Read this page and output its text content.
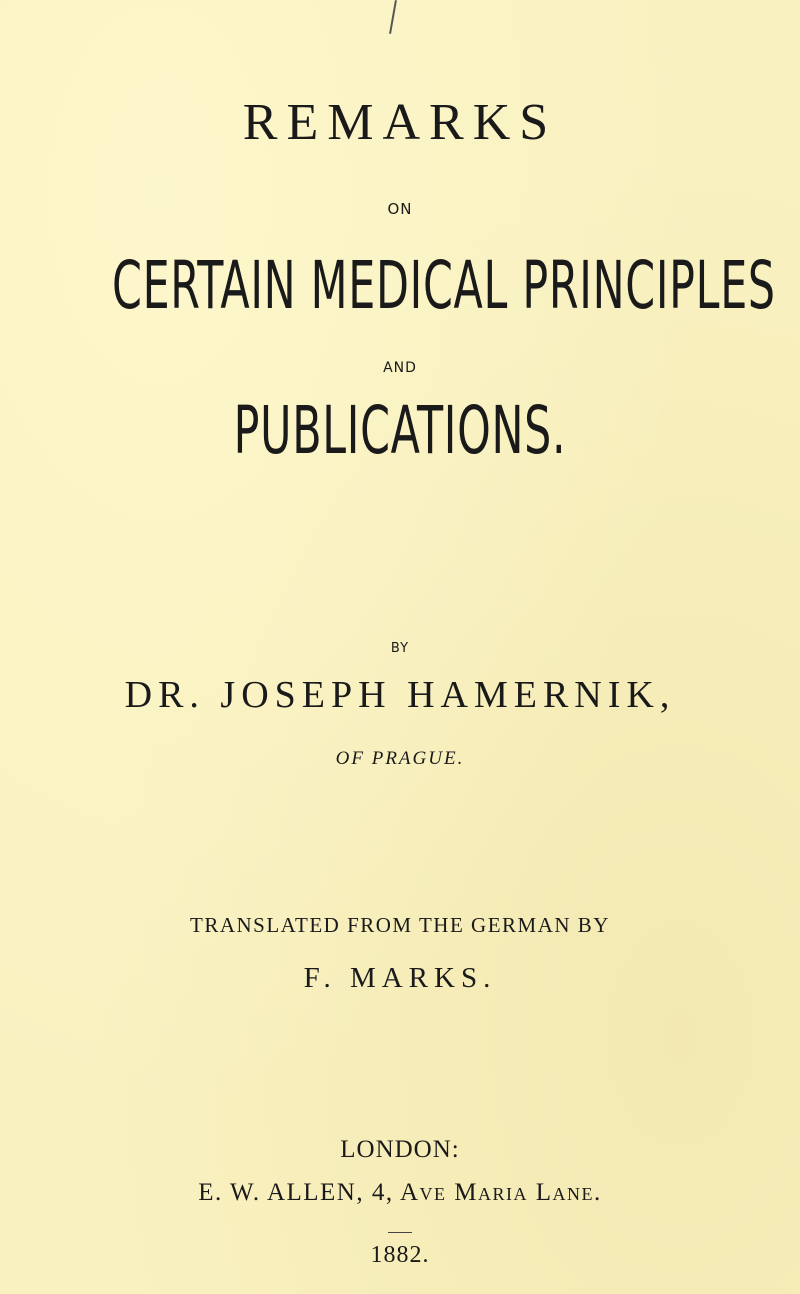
REMARKS
ON
CERTAIN MEDICAL PRINCIPLES
AND
PUBLICATIONS.
BY
DR. JOSEPH HAMERNIK,
OF PRAGUE.
TRANSLATED FROM THE GERMAN BY
F. MARKS.
LONDON:
E. W. ALLEN, 4, Ave Maria Lane.
1882.
